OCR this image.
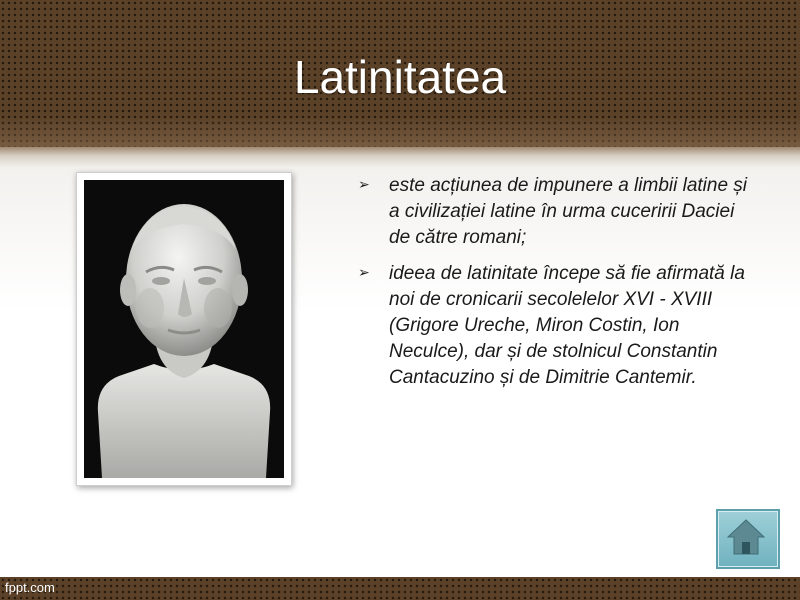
Latinitatea
➢ este acțiunea de impunere a limbii latine și a civilizației latine în urma cuceririi Daciei de către romani;
➢ ideea de latinitate începe să fie afirmată la noi de cronicarii secolelelor XVI - XVIII (Grigore Ureche, Miron Costin, Ion Neculce), dar și de stolnicul Constantin Cantacuzino și de Dimitrie Cantemir.
fppt.com
